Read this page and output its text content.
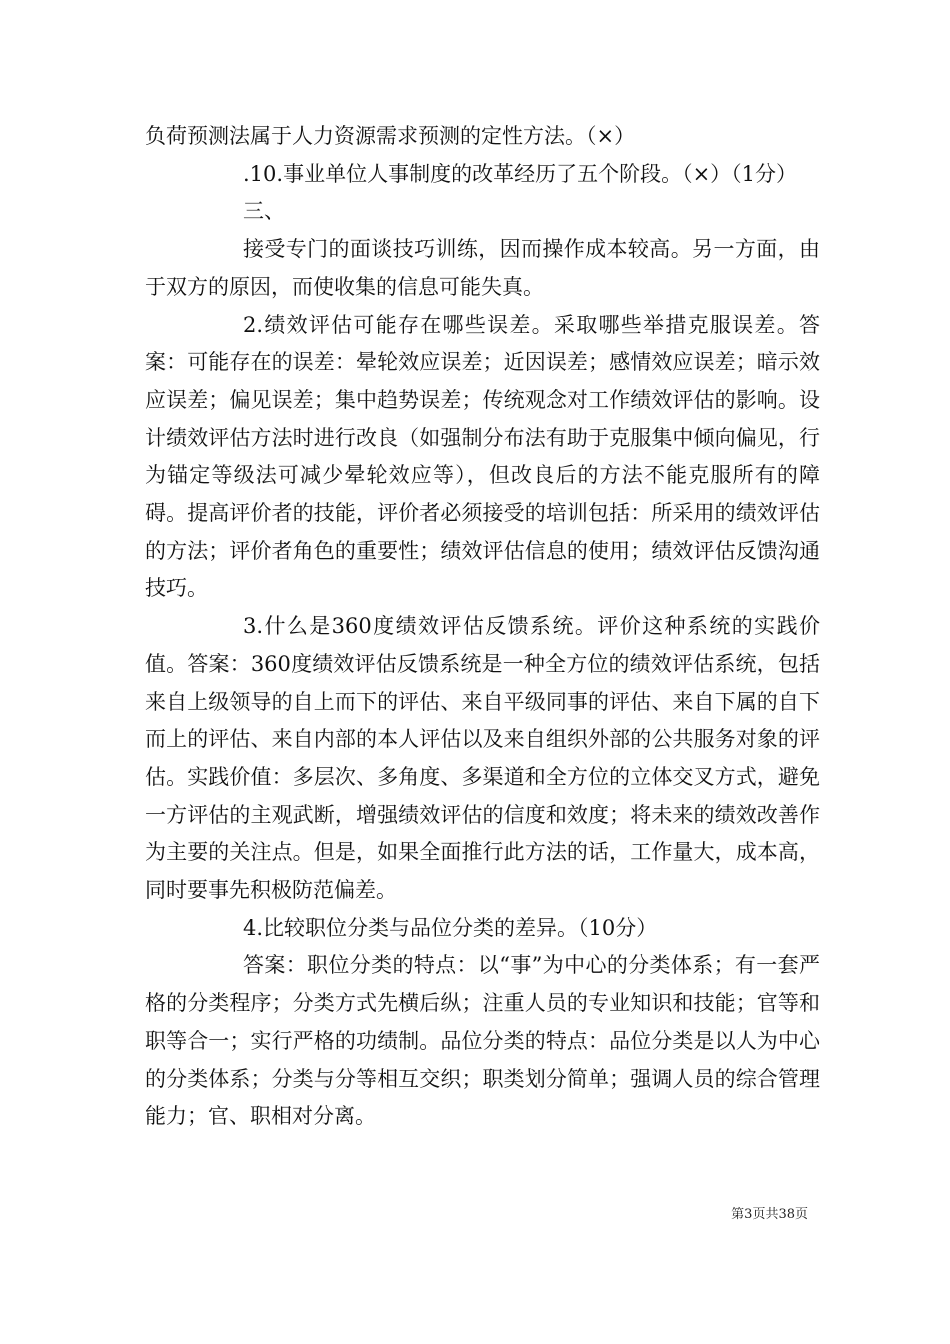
负荷预测法属于人力资源需求预测的定性方法。（×）

.10.事业单位人事制度的改革经历了五个阶段。（×）（1分）

三、

接受专门的面谈技巧训练，因而操作成本较高。另一方面，由于双方的原因，而使收集的信息可能失真。

2.绩效评估可能存在哪些误差。采取哪些举措克服误差。答案：可能存在的误差：晕轮效应误差；近因误差；感情效应误差；暗示效应误差；偏见误差；集中趋势误差；传统观念对工作绩效评估的影响。设计绩效评估方法时进行改良（如强制分布法有助于克服集中倾向偏见，行为锚定等级法可减少晕轮效应等），但改良后的方法不能克服所有的障碍。提高评价者的技能，评价者必须接受的培训包括：所采用的绩效评估的方法；评价者角色的重要性；绩效评估信息的使用；绩效评估反馈沟通技巧。

3.什么是360度绩效评估反馈系统。评价这种系统的实践价值。答案：360度绩效评估反馈系统是一种全方位的绩效评估系统，包括来自上级领导的自上而下的评估、来自平级同事的评估、来自下属的自下而上的评估、来自内部的本人评估以及来自组织外部的公共服务对象的评估。实践价值：多层次、多角度、多渠道和全方位的立体交叉方式，避免一方评估的主观武断，增强绩效评估的信度和效度；将未来的绩效改善作为主要的关注点。但是，如果全面推行此方法的话，工作量大，成本高，同时要事先积极防范偏差。

4.比较职位分类与品位分类的差异。（10分）

答案：职位分类的特点：以“事”为中心的分类体系；有一套严格的分类程序；分类方式先横后纵；注重人员的专业知识和技能；官等和职等合一；实行严格的功绩制。品位分类的特点：品位分类是以人为中心的分类体系；分类与分等相互交织；职类划分简单；强调人员的综合管理能力；官、职相对分离。

第3页共38页
